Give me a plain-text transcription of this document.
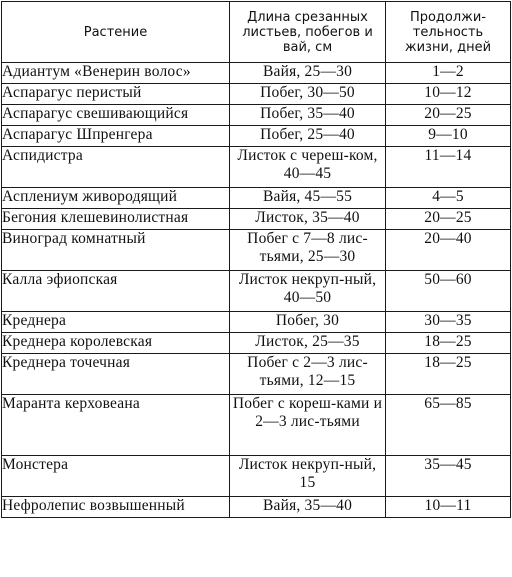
Растение	Длина срезанных листьев, побегов и вай, см	Продолжи-тельность жизни, дней
Адиантум «Венерин волос»	Вайя, 25—30	1—2
Аспарагус перистый	Побег, 30—50	10—12
Аспарагус свешивающийся	Побег, 35—40	20—25
Аспарагус Шпренгера	Побег, 25—40	9—10
Аспидистра	Листок с череш-ком, 40—45	11—14
Асплениум живородящий	Вайя, 45—55	4—5
Бегония клешевинолистная	Листок, 35—40	20—25
Виноград комнатный	Побег с 7—8 лис-тьями, 25—30	20—40
Калла эфиопская	Листок некруп-ный, 40—50	50—60
Креднера	Побег, 30	30—35
Креднера королевская	Листок, 25—35	18—25
Креднера точечная	Побег с 2—3 лис-тьями, 12—15	18—25
Маранта керховеана	Побег с кореш-ками и 2—3 лис-тьями	65—85
Монстера	Листок некруп-ный, 15	35—45
Нефролепис возвышенный	Вайя, 35—40	10—11
